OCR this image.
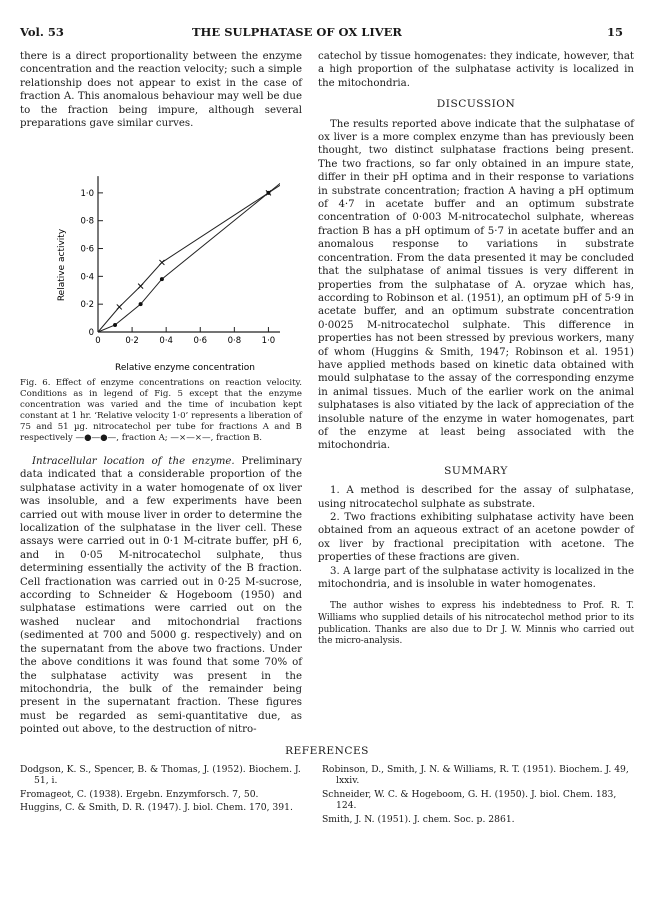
Vol. 53	THE SULPHATASE OF OX LIVER	15

there is a direct proportionality between the enzyme concentration and the reaction velocity; such a simple relationship does not appear to exist in the case of fraction A. This anomalous behaviour may well be due to the fraction being impure, although several preparations gave similar curves.

0	0·2 0·4 0·6 0·8 1·0
0
0·2
0·4
0·6
0·8
1·0
Relative activity
Relative enzyme concentration
Fig. 6. Effect of enzyme concentrations on reaction velocity. Conditions as in legend of Fig. 5 except that the enzyme concentration was varied and the time of incubation kept constant at 1 hr. ‘Relative velocity 1·0’ represents a liberation of 75 and 51 µg. nitrocatechol per tube for fractions A and B respectively —●—●—, fraction A; —×—×—, fraction B.

Intracellular location of the enzyme. Preliminary data indicated that a considerable proportion of the sulphatase activity in a water homogenate of ox liver was insoluble, and a few experiments have been carried out with mouse liver in order to determine the localization of the sulphatase in the liver cell. These assays were carried out in 0·1 M-citrate buffer, pH 6, and in 0·05 M-nitrocatechol sulphate, thus determining essentially the activity of the B fraction. Cell fractionation was carried out in 0·25 M-sucrose, according to Schneider & Hogeboom (1950) and sulphatase estimations were carried out on the washed nuclear and mitochondrial fractions (sedimented at 700 and 5000 g. respectively) and on the supernatant from the above two fractions. Under the above conditions it was found that some 70% of the sulphatase activity was present in the mitochondria, the bulk of the remainder being present in the supernatant fraction. These figures must be regarded as semi-quantitative due, as pointed out above, to the destruction of nitro-

catechol by tissue homogenates: they indicate, however, that a high proportion of the sulphatase activity is localized in the mitochondria.

DISCUSSION

The results reported above indicate that the sulphatase of ox liver is a more complex enzyme than has previously been thought, two distinct sulphatase fractions being present. The two fractions, so far only obtained in an impure state, differ in their pH optima and in their response to variations in substrate concentration; fraction A having a pH optimum of 4·7 in acetate buffer and an optimum substrate concentration of 0·003 M-nitrocatechol sulphate, whereas fraction B has a pH optimum of 5·7 in acetate buffer and an anomalous response to variations in substrate concentration. From the data presented it may be concluded that the sulphatase of animal tissues is very different in properties from the sulphatase of A. oryzae which has, according to Robinson et al. (1951), an optimum pH of 5·9 in acetate buffer, and an optimum substrate concentration 0·0025 M-nitrocatechol sulphate. This difference in properties has not been stressed by previous workers, many of whom (Huggins & Smith, 1947; Robinson et al. 1951) have applied methods based on kinetic data obtained with mould sulphatase to the assay of the corresponding enzyme in animal tissues. Much of the earlier work on the animal sulphatases is also vitiated by the lack of appreciation of the insoluble nature of the enzyme in water homogenates, part of the enzyme at least being associated with the mitochondria.

SUMMARY

1. A method is described for the assay of sulphatase, using nitrocatechol sulphate as substrate.

2. Two fractions exhibiting sulphatase activity have been obtained from an aqueous extract of an acetone powder of ox liver by fractional precipitation with acetone. The properties of these fractions are given.

3. A large part of the sulphatase activity is localized in the mitochondria, and is insoluble in water homogenates.

The author wishes to express his indebtedness to Prof. R. T. Williams who supplied details of his nitrocatechol method prior to its publication. Thanks are also due to Dr J. W. Minnis who carried out the micro-analysis.

REFERENCES

Dodgson, K. S., Spencer, B. & Thomas, J. (1952). Biochem. J. 51, i.

Fromageot, C. (1938). Ergebn. Enzymforsch. 7, 50.

Huggins, C. & Smith, D. R. (1947). J. biol. Chem. 170, 391.

Robinson, D., Smith, J. N. & Williams, R. T. (1951). Biochem. J. 49, lxxiv.

Schneider, W. C. & Hogeboom, G. H. (1950). J. biol. Chem. 183, 124.

Smith, J. N. (1951). J. chem. Soc. p. 2861.
